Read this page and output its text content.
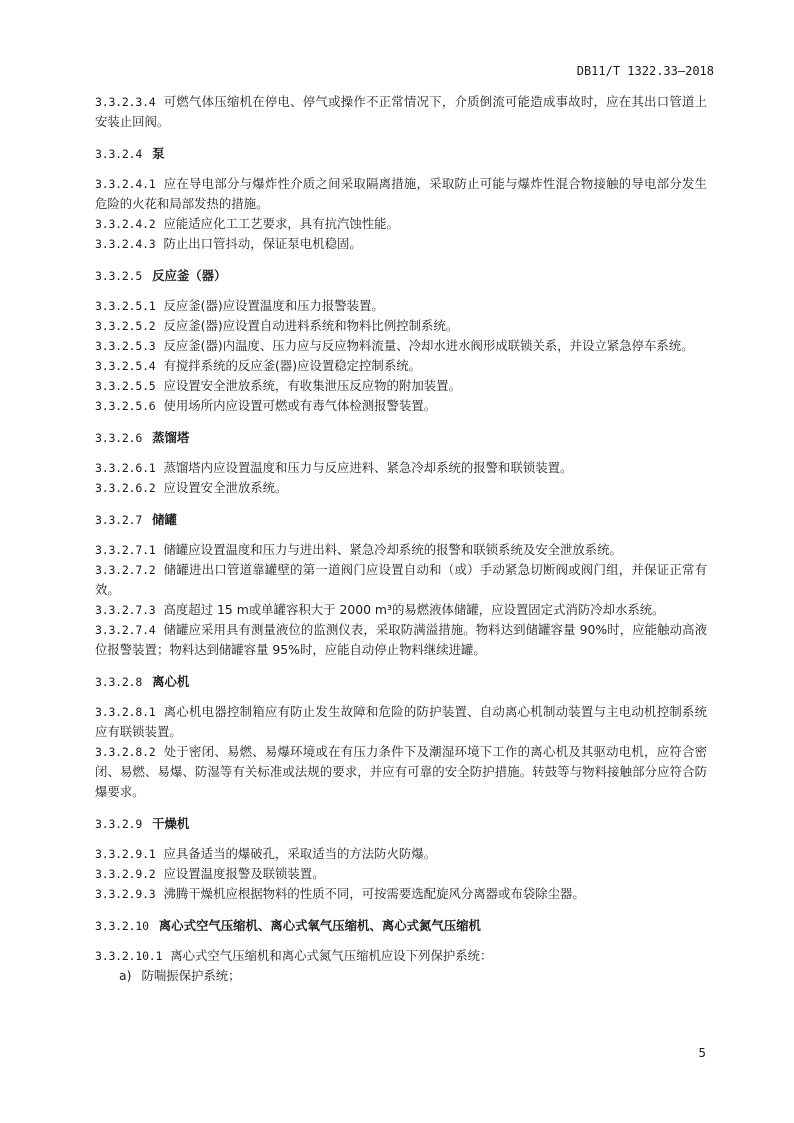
DB11/T 1322.33—2018

3.3.2.3.4 可燃气体压缩机在停电、停气或操作不正常情况下，介质倒流可能造成事故时，应在其出口管道上安装止回阀。

3.3.2.4 泵

3.3.2.4.1 应在导电部分与爆炸性介质之间采取隔离措施，采取防止可能与爆炸性混合物接触的导电部分发生危险的火花和局部发热的措施。

3.3.2.4.2 应能适应化工工艺要求，具有抗汽蚀性能。

3.3.2.4.3 防止出口管抖动，保证泵电机稳固。

3.3.2.5 反应釜（器）

3.3.2.5.1 反应釜(器)应设置温度和压力报警装置。

3.3.2.5.2 反应釜(器)应设置自动进料系统和物料比例控制系统。

3.3.2.5.3 反应釜(器)内温度、压力应与反应物料流量、冷却水进水阀形成联锁关系，并设立紧急停车系统。

3.3.2.5.4 有搅拌系统的反应釜(器)应设置稳定控制系统。

3.3.2.5.5 应设置安全泄放系统，有收集泄压反应物的附加装置。

3.3.2.5.6 使用场所内应设置可燃或有毒气体检测报警装置。

3.3.2.6 蒸馏塔

3.3.2.6.1 蒸馏塔内应设置温度和压力与反应进料、紧急冷却系统的报警和联锁装置。

3.3.2.6.2 应设置安全泄放系统。

3.3.2.7 储罐

3.3.2.7.1 储罐应设置温度和压力与进出料、紧急冷却系统的报警和联锁系统及安全泄放系统。

3.3.2.7.2 储罐进出口管道靠罐壁的第一道阀门应设置自动和（或）手动紧急切断阀或阀门组，并保证正常有效。

3.3.2.7.3 高度超过 15 m或单罐容积大于 2000 m³的易燃液体储罐，应设置固定式消防冷却水系统。

3.3.2.7.4 储罐应采用具有测量液位的监测仪表，采取防满溢措施。物料达到储罐容量 90%时，应能触动高液位报警装置；物料达到储罐容量 95%时，应能自动停止物料继续进罐。

3.3.2.8 离心机

3.3.2.8.1 离心机电器控制箱应有防止发生故障和危险的防护装置、自动离心机制动装置与主电动机控制系统应有联锁装置。

3.3.2.8.2 处于密闭、易燃、易爆环境或在有压力条件下及潮湿环境下工作的离心机及其驱动电机，应符合密闭、易燃、易爆、防湿等有关标准或法规的要求，并应有可靠的安全防护措施。转鼓等与物料接触部分应符合防爆要求。

3.3.2.9 干燥机

3.3.2.9.1 应具备适当的爆破孔，采取适当的方法防火防爆。

3.3.2.9.2 应设置温度报警及联锁装置。

3.3.2.9.3 沸腾干燥机应根据物料的性质不同，可按需要选配旋风分离器或布袋除尘器。

3.3.2.10 离心式空气压缩机、离心式氧气压缩机、离心式氮气压缩机

3.3.2.10.1 离心式空气压缩机和离心式氮气压缩机应设下列保护系统：

a) 防喘振保护系统；

5
